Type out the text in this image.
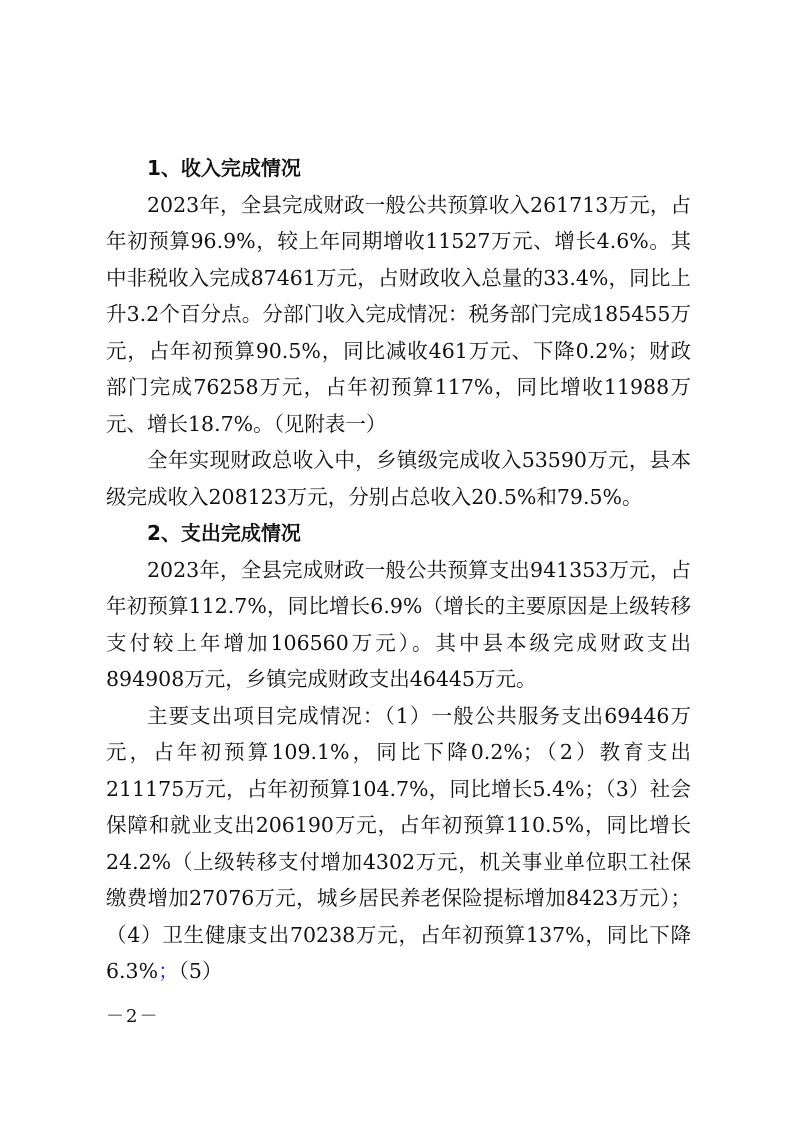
1、收入完成情况

2023年，全县完成财政一般公共预算收入261713万元，占年初预算96.9%，较上年同期增收11527万元、增长4.6%。其中非税收入完成87461万元，占财政收入总量的33.4%，同比上升3.2个百分点。分部门收入完成情况：税务部门完成185455万元，占年初预算90.5%，同比减收461万元、下降0.2%；财政部门完成76258万元，占年初预算117%，同比增收11988万元、增长18.7%。（见附表一）

全年实现财政总收入中，乡镇级完成收入53590万元，县本级完成收入208123万元，分别占总收入20.5%和79.5%。

2、支出完成情况

2023年，全县完成财政一般公共预算支出941353万元，占年初预算112.7%，同比增长6.9%（增长的主要原因是上级转移支付较上年增加106560万元）。其中县本级完成财政支出894908万元，乡镇完成财政支出46445万元。

主要支出项目完成情况：（1）一般公共服务支出69446万元，占年初预算109.1%，同比下降0.2%；（2）教育支出211175万元，占年初预算104.7%，同比增长5.4%；（3）社会保障和就业支出206190万元，占年初预算110.5%，同比增长24.2%（上级转移支付增加4302万元，机关事业单位职工社保缴费增加27076万元，城乡居民养老保险提标增加8423万元）；（4）卫生健康支出70238万元，占年初预算137%，同比下降6.3%；（5）

－2－
